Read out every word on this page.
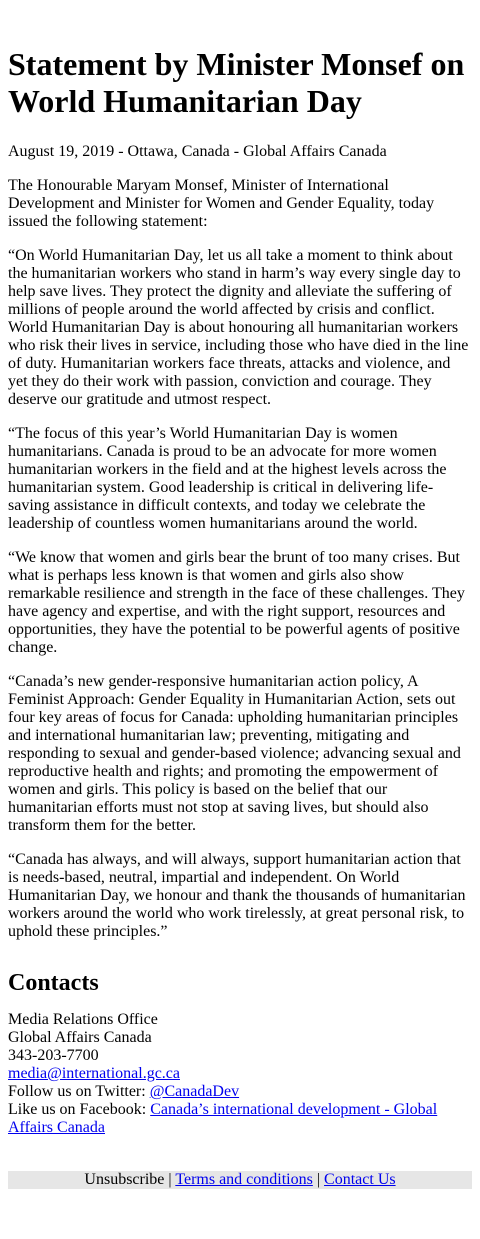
Statement by Minister Monsef on World Humanitarian Day
August 19, 2019 - Ottawa, Canada - Global Affairs Canada

The Honourable Maryam Monsef, Minister of International Development and Minister for Women and Gender Equality, today issued the following statement:

“On World Humanitarian Day, let us all take a moment to think about the humanitarian workers who stand in harm’s way every single day to help save lives. They protect the dignity and alleviate the suffering of millions of people around the world affected by crisis and conflict. World Humanitarian Day is about honouring all humanitarian workers who risk their lives in service, including those who have died in the line of duty. Humanitarian workers face threats, attacks and violence, and yet they do their work with passion, conviction and courage. They deserve our gratitude and utmost respect.

“The focus of this year’s World Humanitarian Day is women humanitarians. Canada is proud to be an advocate for more women humanitarian workers in the field and at the highest levels across the humanitarian system. Good leadership is critical in delivering life-saving assistance in difficult contexts, and today we celebrate the leadership of countless women humanitarians around the world.

“We know that women and girls bear the brunt of too many crises. But what is perhaps less known is that women and girls also show remarkable resilience and strength in the face of these challenges. They have agency and expertise, and with the right support, resources and opportunities, they have the potential to be powerful agents of positive change.

“Canada’s new gender-responsive humanitarian action policy, A Feminist Approach: Gender Equality in Humanitarian Action, sets out four key areas of focus for Canada: upholding humanitarian principles and international humanitarian law; preventing, mitigating and responding to sexual and gender-based violence; advancing sexual and reproductive health and rights; and promoting the empowerment of women and girls. This policy is based on the belief that our humanitarian efforts must not stop at saving lives, but should also transform them for the better.

“Canada has always, and will always, support humanitarian action that is needs-based, neutral, impartial and independent. On World Humanitarian Day, we honour and thank the thousands of humanitarian workers around the world who work tirelessly, at great personal risk, to uphold these principles.”

Contacts
Media Relations Office
Global Affairs Canada
343-203-7700
media@international.gc.ca
Follow us on Twitter: @CanadaDev
Like us on Facebook: Canada’s international development - Global Affairs Canada
Unsubscribe | Terms and conditions | Contact Us
